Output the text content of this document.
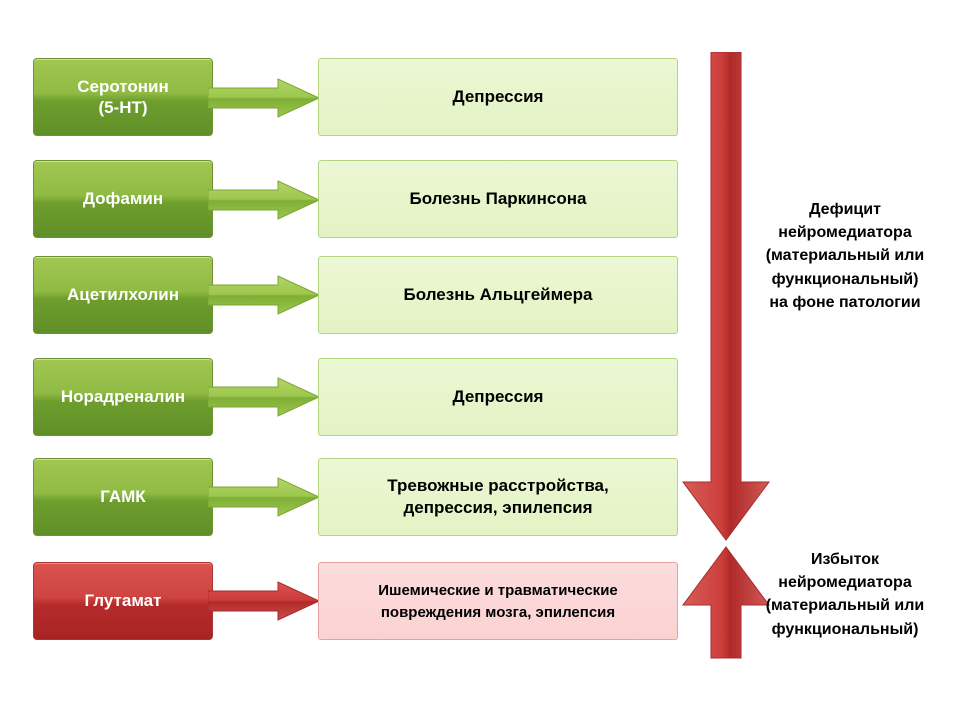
Серотонин
(5-НТ)
Депрессия
Дофамин	Болезнь Паркинсона
Ацетилхолин	Болезнь Альцгеймера
Норадреналин	Депрессия
ГАМК
Тревожные расстройства,
депрессия, эпилепсия
Глутамат
Ишемические и травматические
повреждения мозга, эпилепсия
Дефицит
нейромедиатора
(материальный или
функциональный)
на фоне патологии
Избыток
нейромедиатора
(материальный или
функциональный)
